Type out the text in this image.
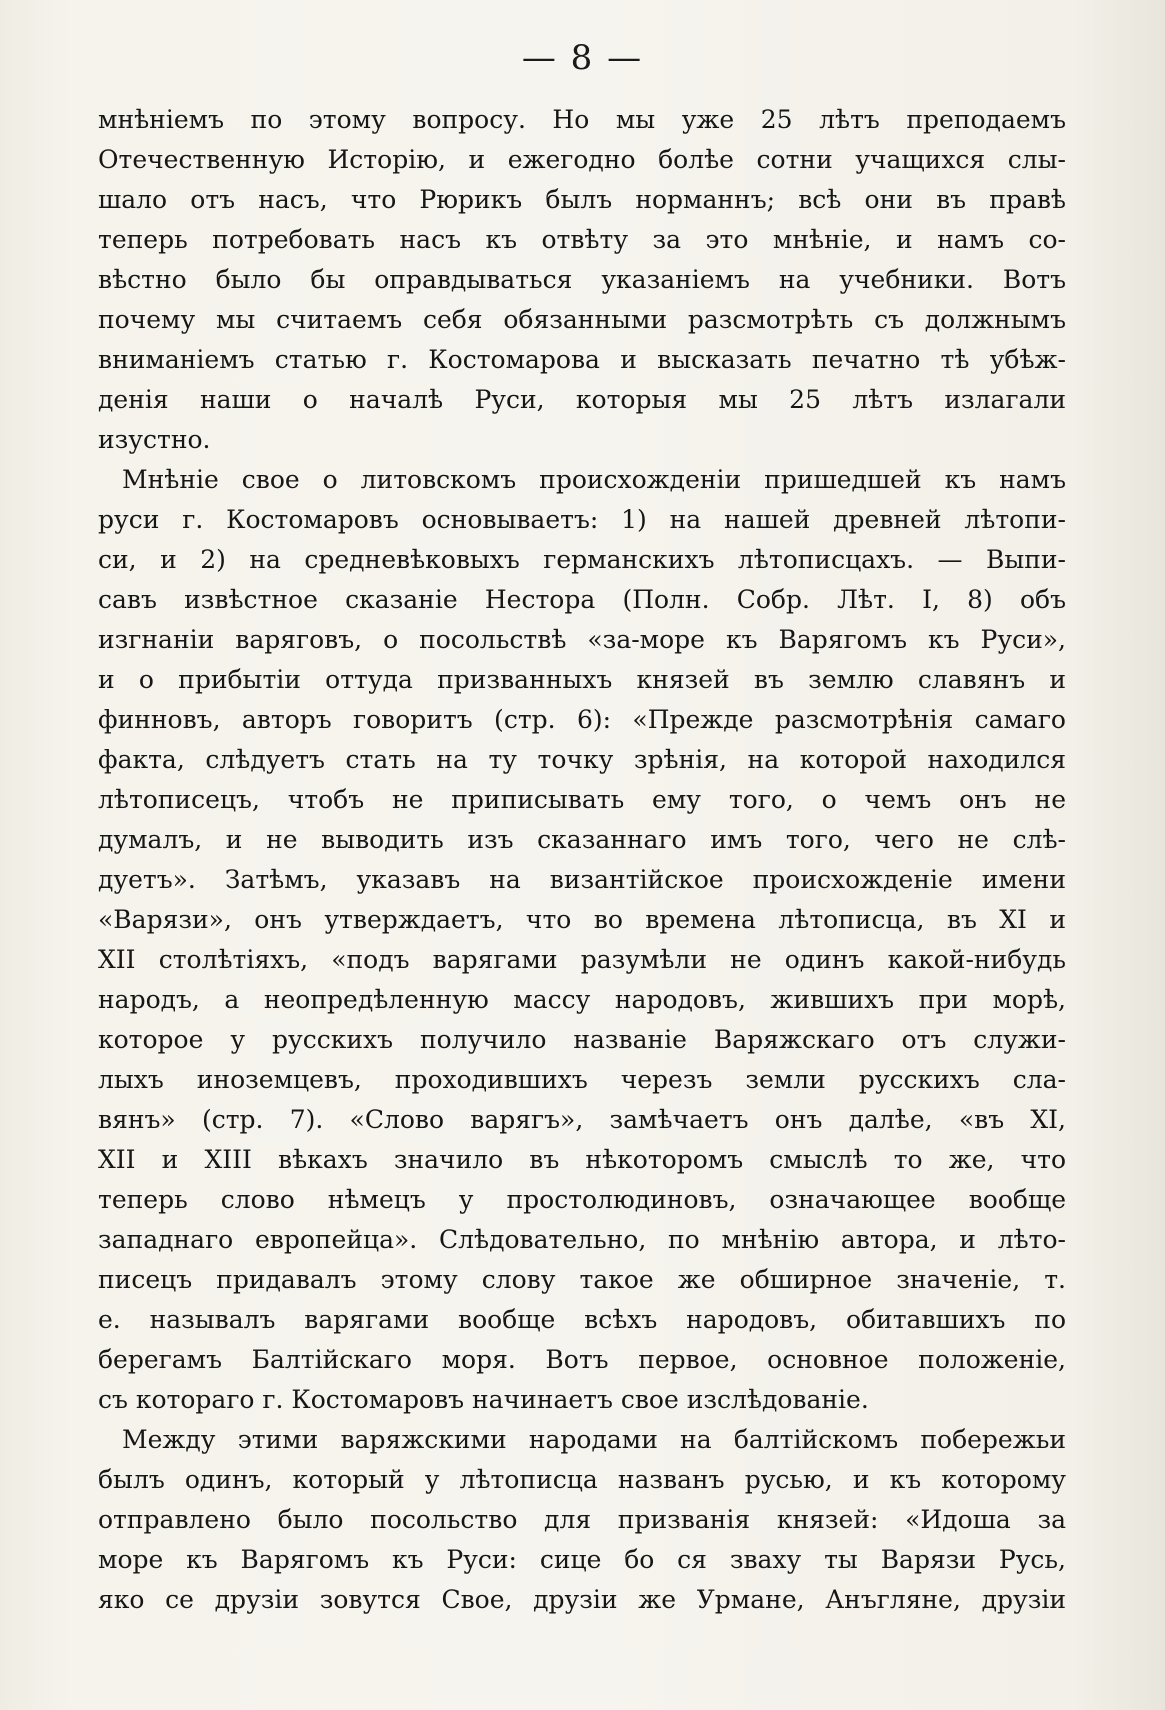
— 8 —
мнѣніемъ по этому вопросу. Но мы уже 25 лѣтъ преподаемъ
Отечественную Исторію, и ежегодно болѣе сотни учащихся слы-
шало отъ насъ, что Рюрикъ былъ норманнъ; всѣ они въ правѣ
теперь потребовать насъ къ отвѣту за это мнѣніе, и намъ со-
вѣстно было бы оправдываться указаніемъ на учебники. Вотъ
почему мы считаемъ себя обязанными разсмотрѣть съ должнымъ
вниманіемъ статью г. Костомарова и высказать печатно тѣ убѣж-
денія наши о началѣ Руси, которыя мы 25 лѣтъ излагали
изустно.
Мнѣніе свое о литовскомъ происхожденіи пришедшей къ намъ
руси г. Костомаровъ основываетъ: 1) на нашей древней лѣтопи-
си, и 2) на средневѣковыхъ германскихъ лѣтописцахъ. — Выпи-
савъ извѣстное сказаніе Нестора (Полн. Собр. Лѣт. I, 8) объ
изгнаніи варяговъ, о посольствѣ «за-море къ Варягомъ къ Руси»,
и о прибытіи оттуда призванныхъ князей въ землю славянъ и
финновъ, авторъ говоритъ (стр. 6): «Прежде разсмотрѣнія самаго
факта, слѣдуетъ стать на ту точку зрѣнія, на которой находился
лѣтописецъ, чтобъ не приписывать ему того, о чемъ онъ не
думалъ, и не выводить изъ сказаннаго имъ того, чего не слѣ-
дуетъ». Затѣмъ, указавъ на византійское происхожденіе имени
«Варязи», онъ утверждаетъ, что во времена лѣтописца, въ XI и
XII столѣтіяхъ, «подъ варягами разумѣли не одинъ какой-нибудь
народъ, а неопредѣленную массу народовъ, жившихъ при морѣ,
которое у русскихъ получило названіе Варяжскаго отъ служи-
лыхъ иноземцевъ, проходившихъ черезъ земли русскихъ сла-
вянъ» (стр. 7). «Слово варягъ», замѣчаетъ онъ далѣе, «въ XI,
XII и XIII вѣкахъ значило въ нѣкоторомъ смыслѣ то же, что
теперь слово нѣмецъ у простолюдиновъ, означающее вообще
западнаго европейца». Слѣдовательно, по мнѣнію автора, и лѣто-
писецъ придавалъ этому слову такое же обширное значеніе, т.
е. называлъ варягами вообще всѣхъ народовъ, обитавшихъ по
берегамъ Балтійскаго моря. Вотъ первое, основное положеніе,
съ котораго г. Костомаровъ начинаетъ свое изслѣдованіе.
Между этими варяжскими народами на балтійскомъ побережьи
былъ одинъ, который у лѣтописца названъ русью, и къ которому
отправлено было посольство для призванія князей: «Идоша за
море къ Варягомъ къ Руси: сице бо ся зваху ты Варязи Русь,
яко се друзіи зовутся Свое, друзіи же Урмане, Анъгляне, друзіи
